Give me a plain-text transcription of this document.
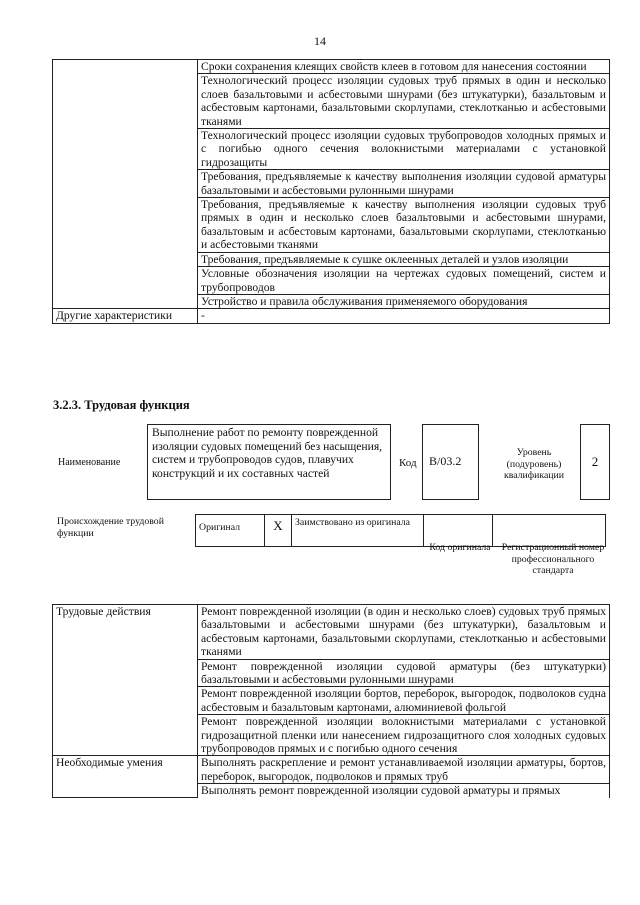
14
	Сроки сохранения клеящих свойств клеев в готовом для нанесения состоянии
	Технологический процесс изоляции судовых труб прямых в один и несколько слоев базальтовыми и асбестовыми шнурами (без штукатурки), базальтовым и асбестовым картонами, базальтовыми скорлупами, стеклотканью и асбестовыми тканями
	Технологический процесс изоляции судовых трубопроводов холодных прямых и с погибью одного сечения волокнистыми материалами с установкой гидрозащиты
	Требования, предъявляемые к качеству выполнения изоляции судовой арматуры базальтовыми и асбестовыми рулонными шнурами
	Требования, предъявляемые к качеству выполнения изоляции судовых труб прямых в один и несколько слоев базальтовыми и асбестовыми шнурами, базальтовым и асбестовым картонами, базальтовыми скорлупами, стеклотканью и асбестовыми тканями
	Требования, предъявляемые к сушке оклеенных деталей и узлов изоляции
	Условные обозначения изоляции на чертежах судовых помещений, систем и трубопроводов
	Устройство и правила обслуживания применяемого оборудования
Другие характеристики	-
3.2.3. Трудовая функция
Наименование
Выполнение работ по ремонту поврежденной изоляции судовых помещений без насыщения, систем и трубопроводов судов, плавучих конструкций и их составных частей
Код	B/03.2
Уровень (подуровень) квалификации
2
Происхождение трудовой функции	Оригинал	X	Заимствовано из оригинала		
Код оригинала	Регистрационный номер профессионального стандарта
Трудовые действия	Ремонт поврежденной изоляции (в один и несколько слоев) судовых труб прямых базальтовыми и асбестовыми шнурами (без штукатурки), базальтовым и асбестовым картонами, базальтовыми скорлупами, стеклотканью и асбестовыми тканями
	Ремонт поврежденной изоляции судовой арматуры (без штукатурки) базальтовыми и асбестовыми рулонными шнурами
	Ремонт поврежденной изоляции бортов, переборок, выгородок, подволоков судна асбестовым и базальтовым картонами, алюминиевой фольгой
	Ремонт поврежденной изоляции волокнистыми материалами с установкой гидрозащитной пленки или нанесением гидрозащитного слоя холодных судовых трубопроводов прямых и с погибью одного сечения
Необходимые умения	Выполнять раскрепление и ремонт устанавливаемой изоляции арматуры, бортов, переборок, выгородок, подволоков и прямых труб
	Выполнять ремонт поврежденной изоляции судовой арматуры и прямых
